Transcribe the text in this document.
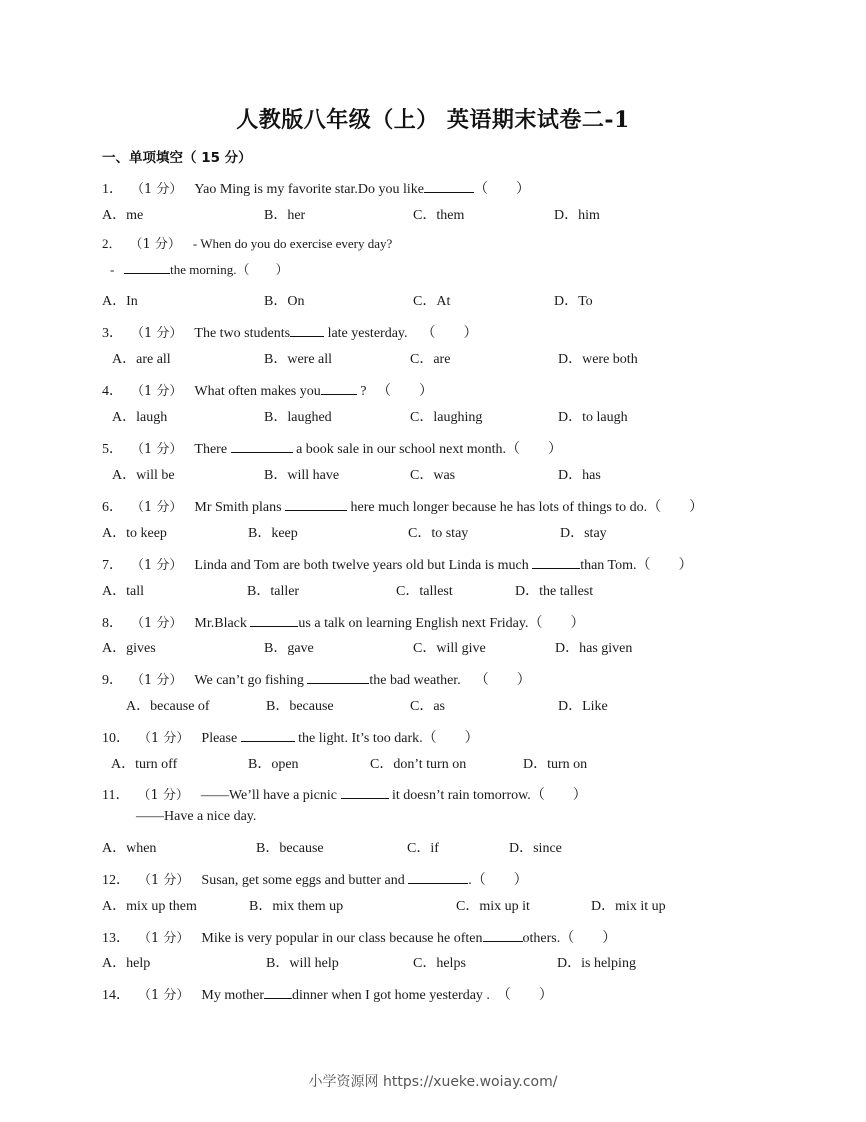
人教版八年级（上） 英语期末试卷二-1
一、单项填空（ 15 分）
1． （1 分） Yao Ming is my favorite star.Do you like	（　　）
A．me	B．her	C．them	D．him
2． （1 分） - When do you do exercise every day?
-	the morning.（　　）
A．In	B．On	C．At	D．To
3． （1 分） The two students late yesterday. （　　）
A．are all	B．were all	C．are	D．were both
4． （1 分） What often makes you	? （　　）
A．laugh	B．laughed	C．laughing	D．to laugh
5． （1 分） There	a book sale in our school next month.（　　）
A．will be	B．will have	C．was	D．has
6． （1 分） Mr Smith plans	here much longer because he has lots of things to do.（　　）
A．to keep	B．keep	C．to stay	D．stay
7． （1 分） Linda and Tom are both twelve years old but Linda is much	than Tom.（　　）
A．tall	B．taller	C．tallest	D．the tallest
8． （1 分） Mr.Black	us a talk on learning English next Friday.（　　）
A．gives	B．gave	C．will give	D．has given
9． （1 分） We can’t go fishing	the bad weather. （　　）
A．because of	B．because	C．as	D．Like
10． （1 分） Please	the light. It’s too dark.（　　）
A．turn off	B．open	C．don’t turn on	D．turn on
11． （1 分） ——We’ll have a picnic	it doesn’t rain tomorrow.（　　）
——Have a nice day.
A．when	B．because	C．if	D．since
12． （1 分） Susan, get some eggs and butter and	.（　　）
A．mix up them	B．mix them up	C．mix up it	D．mix it up
13． （1 分） Mike is very popular in our class because he often	others.（　　）
A．help	B．will help	C．helps	D．is helping
14． （1 分） My mother dinner when I got home yesterday . （　　）
小学资源网 https://xueke.woiay.com/
